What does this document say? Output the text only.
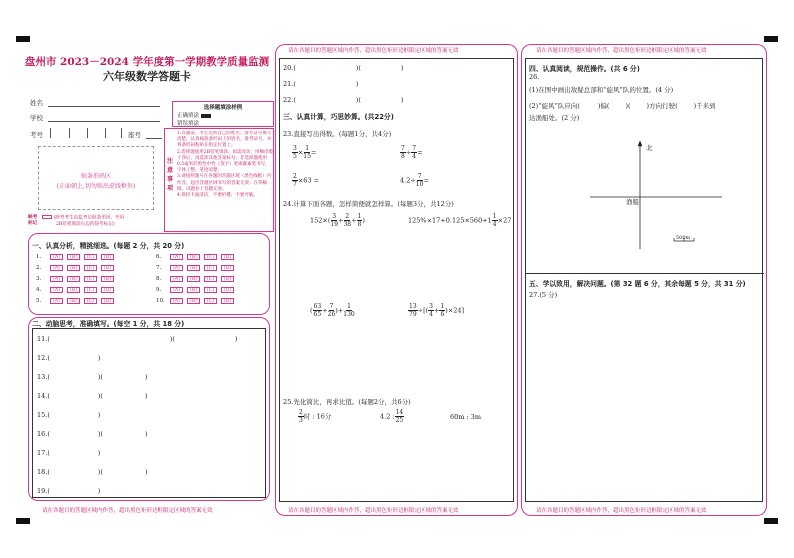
盘州市 2023－2024 学年度第一学期教学质量监测
六年级数学答题卡
姓名
学校
考号	座号
贴条形码区
(正面朝上,切勿贴出虚线框外)
选择题填涂样例
正确填涂
错误填涂
注意事项
1.答题前，考生先将自己的姓名、准考证号填写清楚，认真核准条形码上的姓名、准考证号，并将条形码粘贴在指定位置上。
2.选择题使用2B铅笔填涂，如需改动，用橡皮擦干净后，再选涂其他答案标号；非选择题使用0.5毫米的黑色中性（签字）笔或碳素笔书写，字体工整、笔迹清楚。
3.请按照题号在各题的答题区域（黑色线框）内作答，超出答题区域书写的答案无效；在草稿纸、试题卷上答题无效。
4.保持卡面清洁，不要折叠、不要弄破。
缺考标记
(缺考考生由监考员贴条形码，并用
2B铅笔填涂右边的缺考标记)
一、认真分析，精挑细选。(每题 2 分，共 20 分)
1.	[A] [B] [C] [D]
2.	[A] [B] [C] [D]
3.	[A] [B] [C] [D]
4.	[A] [B] [C] [D]
5.	[A] [B] [C] [D]
6.	[A] [B] [C] [D]
7.	[A] [B] [C] [D]
8.	[A] [B] [C] [D]
9.	[A] [B] [C] [D]
10. [A] [B] [C] [D]
二、动脑思考，准确填写。(每空 1 分，共 18 分)
11.(	)(	)
12.(	)
13.(	)(	)
14.(	)(	)
15.(	)
16.(	)(	)
17.(	)
18.(	)(	)
19.(	)
请在各题目的答题区域内作答，超出黑色矩形边框限定区域的答案无效
请在各题目的答题区域内作答，超出黑色矩形边框限定区域的答案无效
请在各题目的答题区域内作答，超出黑色矩形边框限定区域的答案无效
20.(	)(	)
21.(	)
22.(	)(	)
三、认真计算，巧思妙算。(共22分)
23.直接写出得数。(每题1分，共4分)
$\frac{3}{5} \times \frac{1}{15}$ =	$\frac{7}{8} \div \frac{7}{4}$ =
$\frac{2}{7} \times 63$ =	$4.2\div \frac{7}{10}$ =
24.计算下面各题，怎样简便就怎样算。(每题3分，共12分)
$152\times( \frac{3}{19} + \frac{2}{38} + \frac{1}{8}$ )	$125\%\times 17+0.125\times 560+1 \frac{1}{4} \times 27$
( $\frac{63}{65} + \frac{7}{26}$ )+ $\frac{1}{130}$	$\frac{13}{79}$ ÷[( $\frac{3}{4} + \frac{1}{6} )\times 24$]
25.先化简比，再求比值。(每题2分，共6分)
$\frac{2}{3}$ 时 : 16分	4.2 : $\frac{14}{25}$	60m : 3m
请在各题目的答题区域内作答，超出黑色矩形边框限定区域的答案无效
请在各题目的答题区域内作答，超出黑色矩形边框限定区域的答案无效
四、认真阅读，规范操作。(共 6 分)
26.
(1)在图中画出敌疑总部和“旋风”队的位置。(4 分)
(2)“旋风”队应向(	)偏( )( )方向行驶( )千米到
达渔船处。(2 分)
北
渔船
500m
五、学以致用，解决问题。(第 32 题 6 分，其余每题 5 分，共 31 分)
27.(5 分)
